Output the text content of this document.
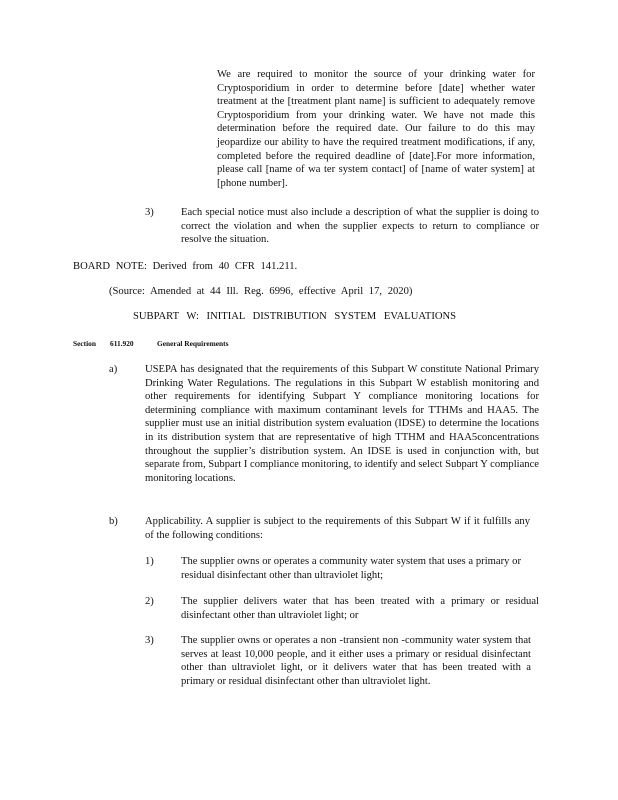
We are required to monitor the source of your drinking water for Cryptosporidium in order to determine before [date] whether water treatment at the [treatment plant name] is sufficient to adequately remove Cryptosporidium from your drinking water. We have not made this determination before the required date. Our failure to do this may jeopardize our ability to have the required treatment modifications, if any, completed before the required deadline of [date].For more information, please call [name of wa ter system contact] of [name of water system] at [phone number].

3)	Each special notice must also include a description of what the supplier is doing to correct the violation and when the supplier expects to return to compliance or resolve the situation.

BOARD NOTE: Derived from 40 CFR 141.211.

(Source: Amended at 44 Ill. Reg. 6996, effective April 17, 2020)

SUBPART W: INITIAL DISTRIBUTION SYSTEM EVALUATIONS

Section 611.920	General Requirements
a)	USEPA has designated that the requirements of this Subpart W constitute National Primary Drinking Water Regulations. The regulations in this Subpart W establish monitoring and other requirements for identifying Subpart Y compliance monitoring locations for determining compliance with maximum contaminant levels for TTHMs and HAA5. The supplier must use an initial distribution system evaluation (IDSE) to determine the locations in its distribution system that are representative of high TTHM and HAA5concentrations throughout the supplier’s distribution system. An IDSE is used in conjunction with, but separate from, Subpart I compliance monitoring, to identify and select Subpart Y compliance monitoring locations.
b)	Applicability. A supplier is subject to the requirements of this Subpart W if it fulfills any of the following conditions:
1)	The supplier owns or operates a community water system that uses a primary or residual disinfectant other than ultraviolet light;
2)	The supplier delivers water that has been treated with a primary or residual disinfectant other than ultraviolet light; or
3)	The supplier owns or operates a non -transient non -community water system that serves at least 10,000 people, and it either uses a primary or residual disinfectant other than ultraviolet light, or it delivers water that has been treated with a primary or residual disinfectant other than ultraviolet light.
